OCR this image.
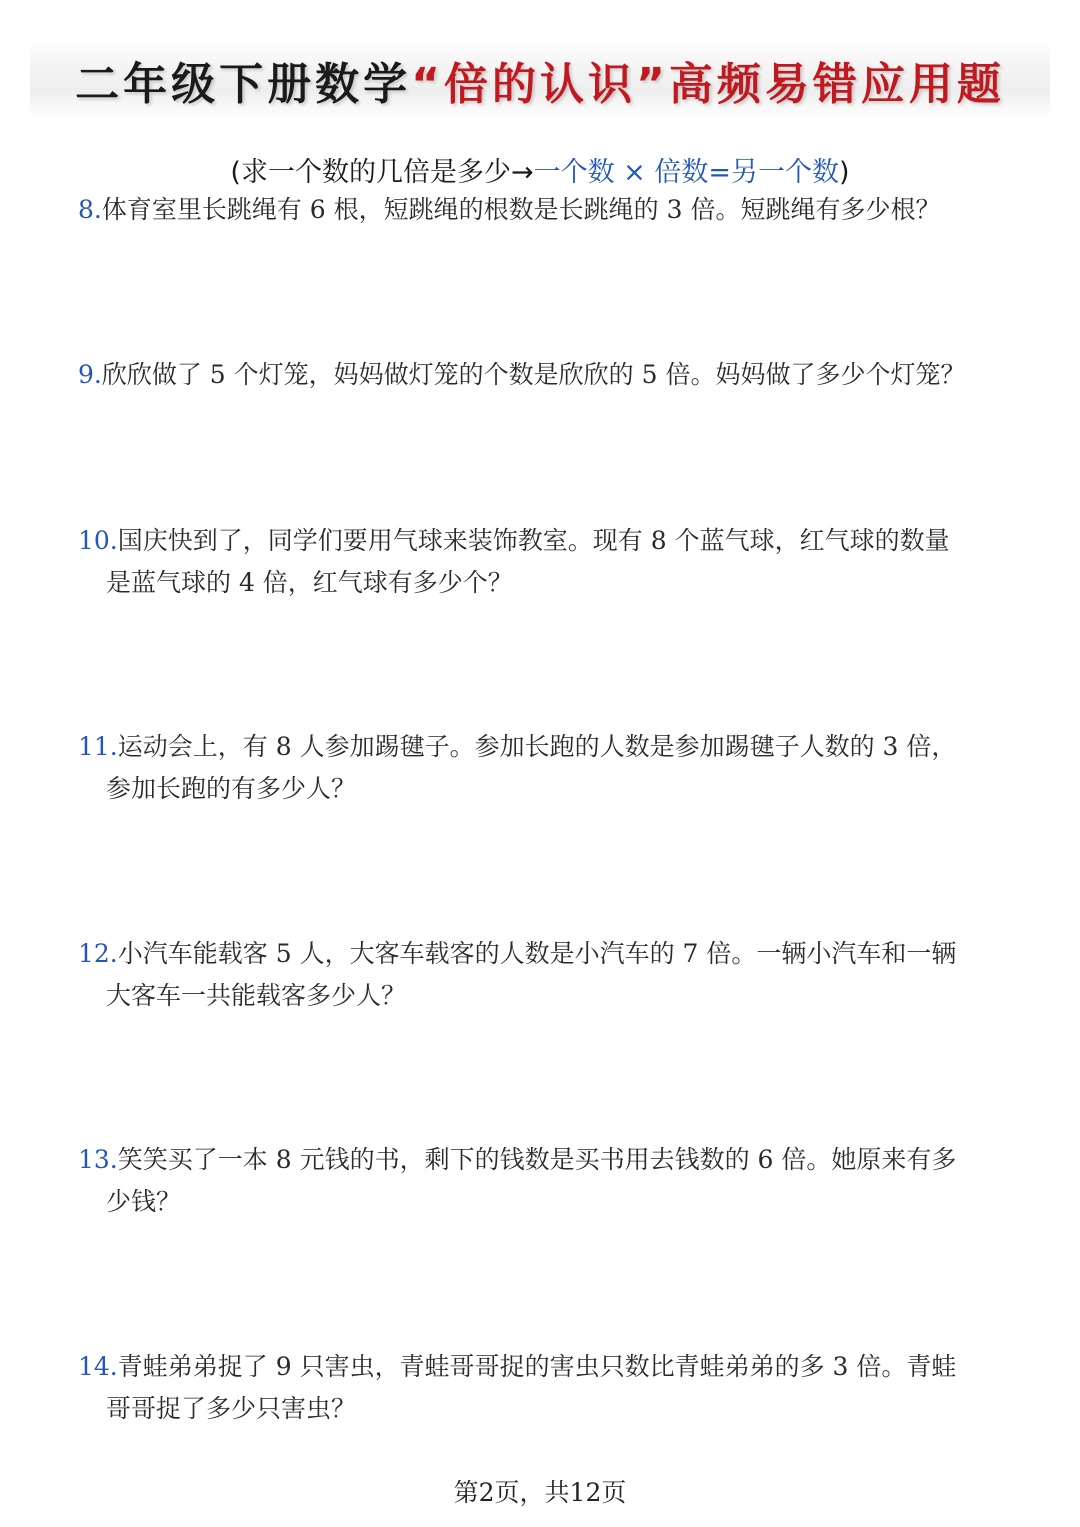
二年级下册数学“倍的认识”高频易错应用题
(求一个数的几倍是多少→一个数 × 倍数=另一个数)
8.体育室里长跳绳有 6 根，短跳绳的根数是长跳绳的 3 倍。短跳绳有多少根？
9.欣欣做了 5 个灯笼，妈妈做灯笼的个数是欣欣的 5 倍。妈妈做了多少个灯笼？
10.国庆快到了，同学们要用气球来装饰教室。现有 8 个蓝气球，红气球的数量
是蓝气球的 4 倍，红气球有多少个？
11.运动会上，有 8 人参加踢毽子。参加长跑的人数是参加踢毽子人数的 3 倍，
参加长跑的有多少人？
12.小汽车能载客 5 人，大客车载客的人数是小汽车的 7 倍。一辆小汽车和一辆
大客车一共能载客多少人？
13.笑笑买了一本 8 元钱的书，剩下的钱数是买书用去钱数的 6 倍。她原来有多
少钱？
14.青蛙弟弟捉了 9 只害虫，青蛙哥哥捉的害虫只数比青蛙弟弟的多 3 倍。青蛙
哥哥捉了多少只害虫？
第2页，共12页
